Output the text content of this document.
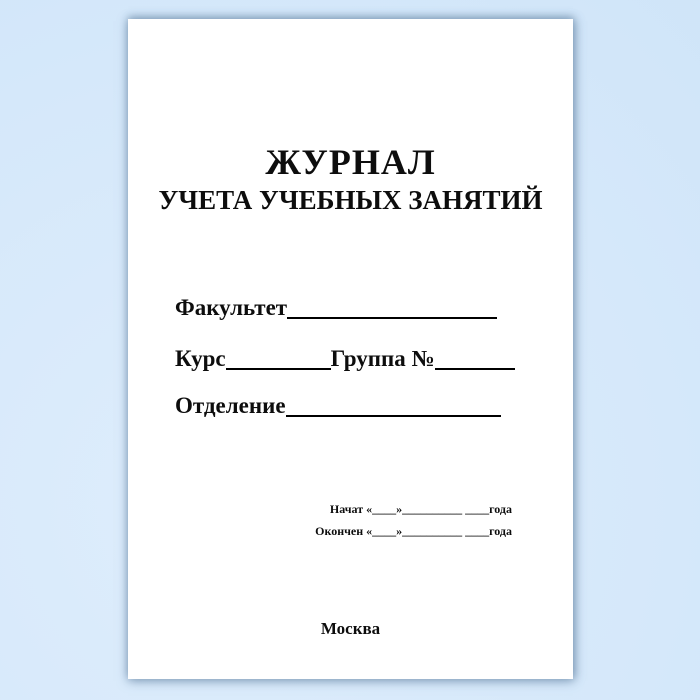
ЖУРНАЛ
УЧЕТА УЧЕБНЫХ ЗАНЯТИЙ
Факультет
Курс	Группа №
Отделение
Начат «____»__________ ____года
Окончен «____»__________ ____года
Москва
